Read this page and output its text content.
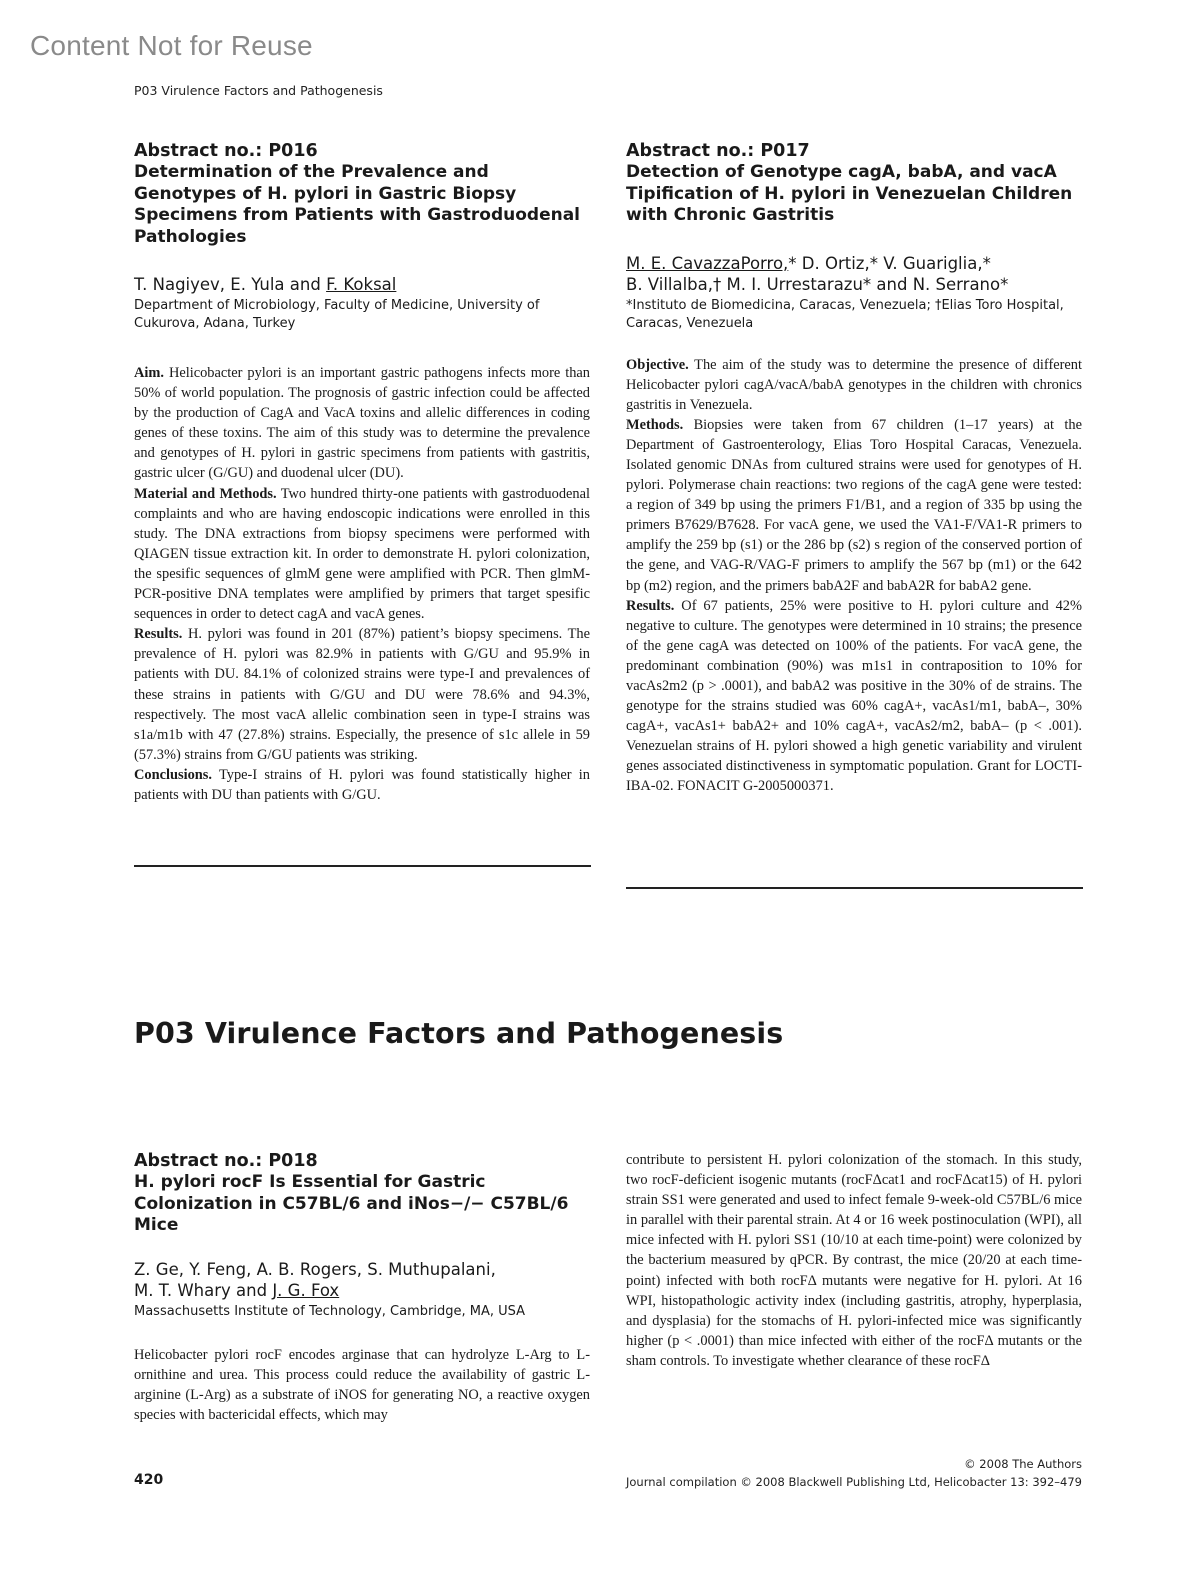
Content Not for Reuse
P03 Virulence Factors and Pathogenesis
Abstract no.: P016
Determination of the Prevalence and Genotypes of H. pylori in Gastric Biopsy Specimens from Patients with Gastroduodenal Pathologies
T. Nagiyev, E. Yula and F. Koksal
Department of Microbiology, Faculty of Medicine, University of Cukurova, Adana, Turkey

Aim. Helicobacter pylori is an important gastric pathogens infects more than 50% of world population. The prognosis of gastric infection could be affected by the production of CagA and VacA toxins and allelic differences in coding genes of these toxins. The aim of this study was to determine the prevalence and genotypes of H. pylori in gastric specimens from patients with gastritis, gastric ulcer (G/GU) and duodenal ulcer (DU).

Material and Methods. Two hundred thirty-one patients with gastroduodenal complaints and who are having endoscopic indications were enrolled in this study. The DNA extractions from biopsy specimens were performed with QIAGEN tissue extraction kit. In order to demonstrate H. pylori colonization, the spesific sequences of glmM gene were amplified with PCR. Then glmM-PCR-positive DNA templates were amplified by primers that target spesific sequences in order to detect cagA and vacA genes.

Results. H. pylori was found in 201 (87%) patient’s biopsy specimens. The prevalence of H. pylori was 82.9% in patients with G/GU and 95.9% in patients with DU. 84.1% of colonized strains were type-I and prevalences of these strains in patients with G/GU and DU were 78.6% and 94.3%, respectively. The most vacA allelic combination seen in type-I strains was s1a/m1b with 47 (27.8%) strains. Especially, the presence of s1c allele in 59 (57.3%) strains from G/GU patients was striking.

Conclusions. Type-I strains of H. pylori was found statistically higher in patients with DU than patients with G/GU.

Abstract no.: P017
Detection of Genotype cagA, babA, and vacA Tipification of H. pylori in Venezuelan Children with Chronic Gastritis
M. E. CavazzaPorro,* D. Ortiz,* V. Guariglia,*
B. Villalba,† M. I. Urrestarazu* and N. Serrano*
*Instituto de Biomedicina, Caracas, Venezuela; †Elias Toro Hospital, Caracas, Venezuela

Objective. The aim of the study was to determine the presence of different Helicobacter pylori cagA/vacA/babA genotypes in the children with chronics gastritis in Venezuela.

Methods. Biopsies were taken from 67 children (1–17 years) at the Department of Gastroenterology, Elias Toro Hospital Caracas, Venezuela. Isolated genomic DNAs from cultured strains were used for genotypes of H. pylori. Polymerase chain reactions: two regions of the cagA gene were tested: a region of 349 bp using the primers F1/B1, and a region of 335 bp using the primers B7629/B7628. For vacA gene, we used the VA1-F/VA1-R primers to amplify the 259 bp (s1) or the 286 bp (s2) s region of the conserved portion of the gene, and VAG-R/VAG-F primers to amplify the 567 bp (m1) or the 642 bp (m2) region, and the primers babA2F and babA2R for babA2 gene.

Results. Of 67 patients, 25% were positive to H. pylori culture and 42% negative to culture. The genotypes were determined in 10 strains; the presence of the gene cagA was detected on 100% of the patients. For vacA gene, the predominant combination (90%) was m1s1 in contraposition to 10% for vacAs2m2 (p > .0001), and babA2 was positive in the 30% of de strains. The genotype for the strains studied was 60% cagA+, vacAs1/m1, babA–, 30% cagA+, vacAs1+ babA2+ and 10% cagA+, vacAs2/m2, babA– (p < .001). Venezuelan strains of H. pylori showed a high genetic variability and virulent genes associated distinctiveness in symptomatic population. Grant for LOCTI-IBA-02. FONACIT G-2005000371.

P03 Virulence Factors and Pathogenesis
Abstract no.: P018
H. pylori rocF Is Essential for Gastric Colonization in C57BL/6 and iNos−/− C57BL/6 Mice
Z. Ge, Y. Feng, A. B. Rogers, S. Muthupalani,
M. T. Whary and J. G. Fox
Massachusetts Institute of Technology, Cambridge, MA, USA

Helicobacter pylori rocF encodes arginase that can hydrolyze L-Arg to L-ornithine and urea. This process could reduce the availability of gastric L-arginine (L-Arg) as a substrate of iNOS for generating NO, a reactive oxygen species with bactericidal effects, which may

contribute to persistent H. pylori colonization of the stomach. In this study, two rocF-deficient isogenic mutants (rocFΔcat1 and rocFΔcat15) of H. pylori strain SS1 were generated and used to infect female 9-week-old C57BL/6 mice in parallel with their parental strain. At 4 or 16 week postinoculation (WPI), all mice infected with H. pylori SS1 (10/10 at each time-point) were colonized by the bacterium measured by qPCR. By contrast, the mice (20/20 at each time-point) infected with both rocFΔ mutants were negative for H. pylori. At 16 WPI, histopathologic activity index (including gastritis, atrophy, hyperplasia, and dysplasia) for the stomachs of H. pylori-infected mice was significantly higher (p < .0001) than mice infected with either of the rocFΔ mutants or the sham controls. To investigate whether clearance of these rocFΔ

420
© 2008 The Authors
Journal compilation © 2008 Blackwell Publishing Ltd, Helicobacter 13: 392–479
